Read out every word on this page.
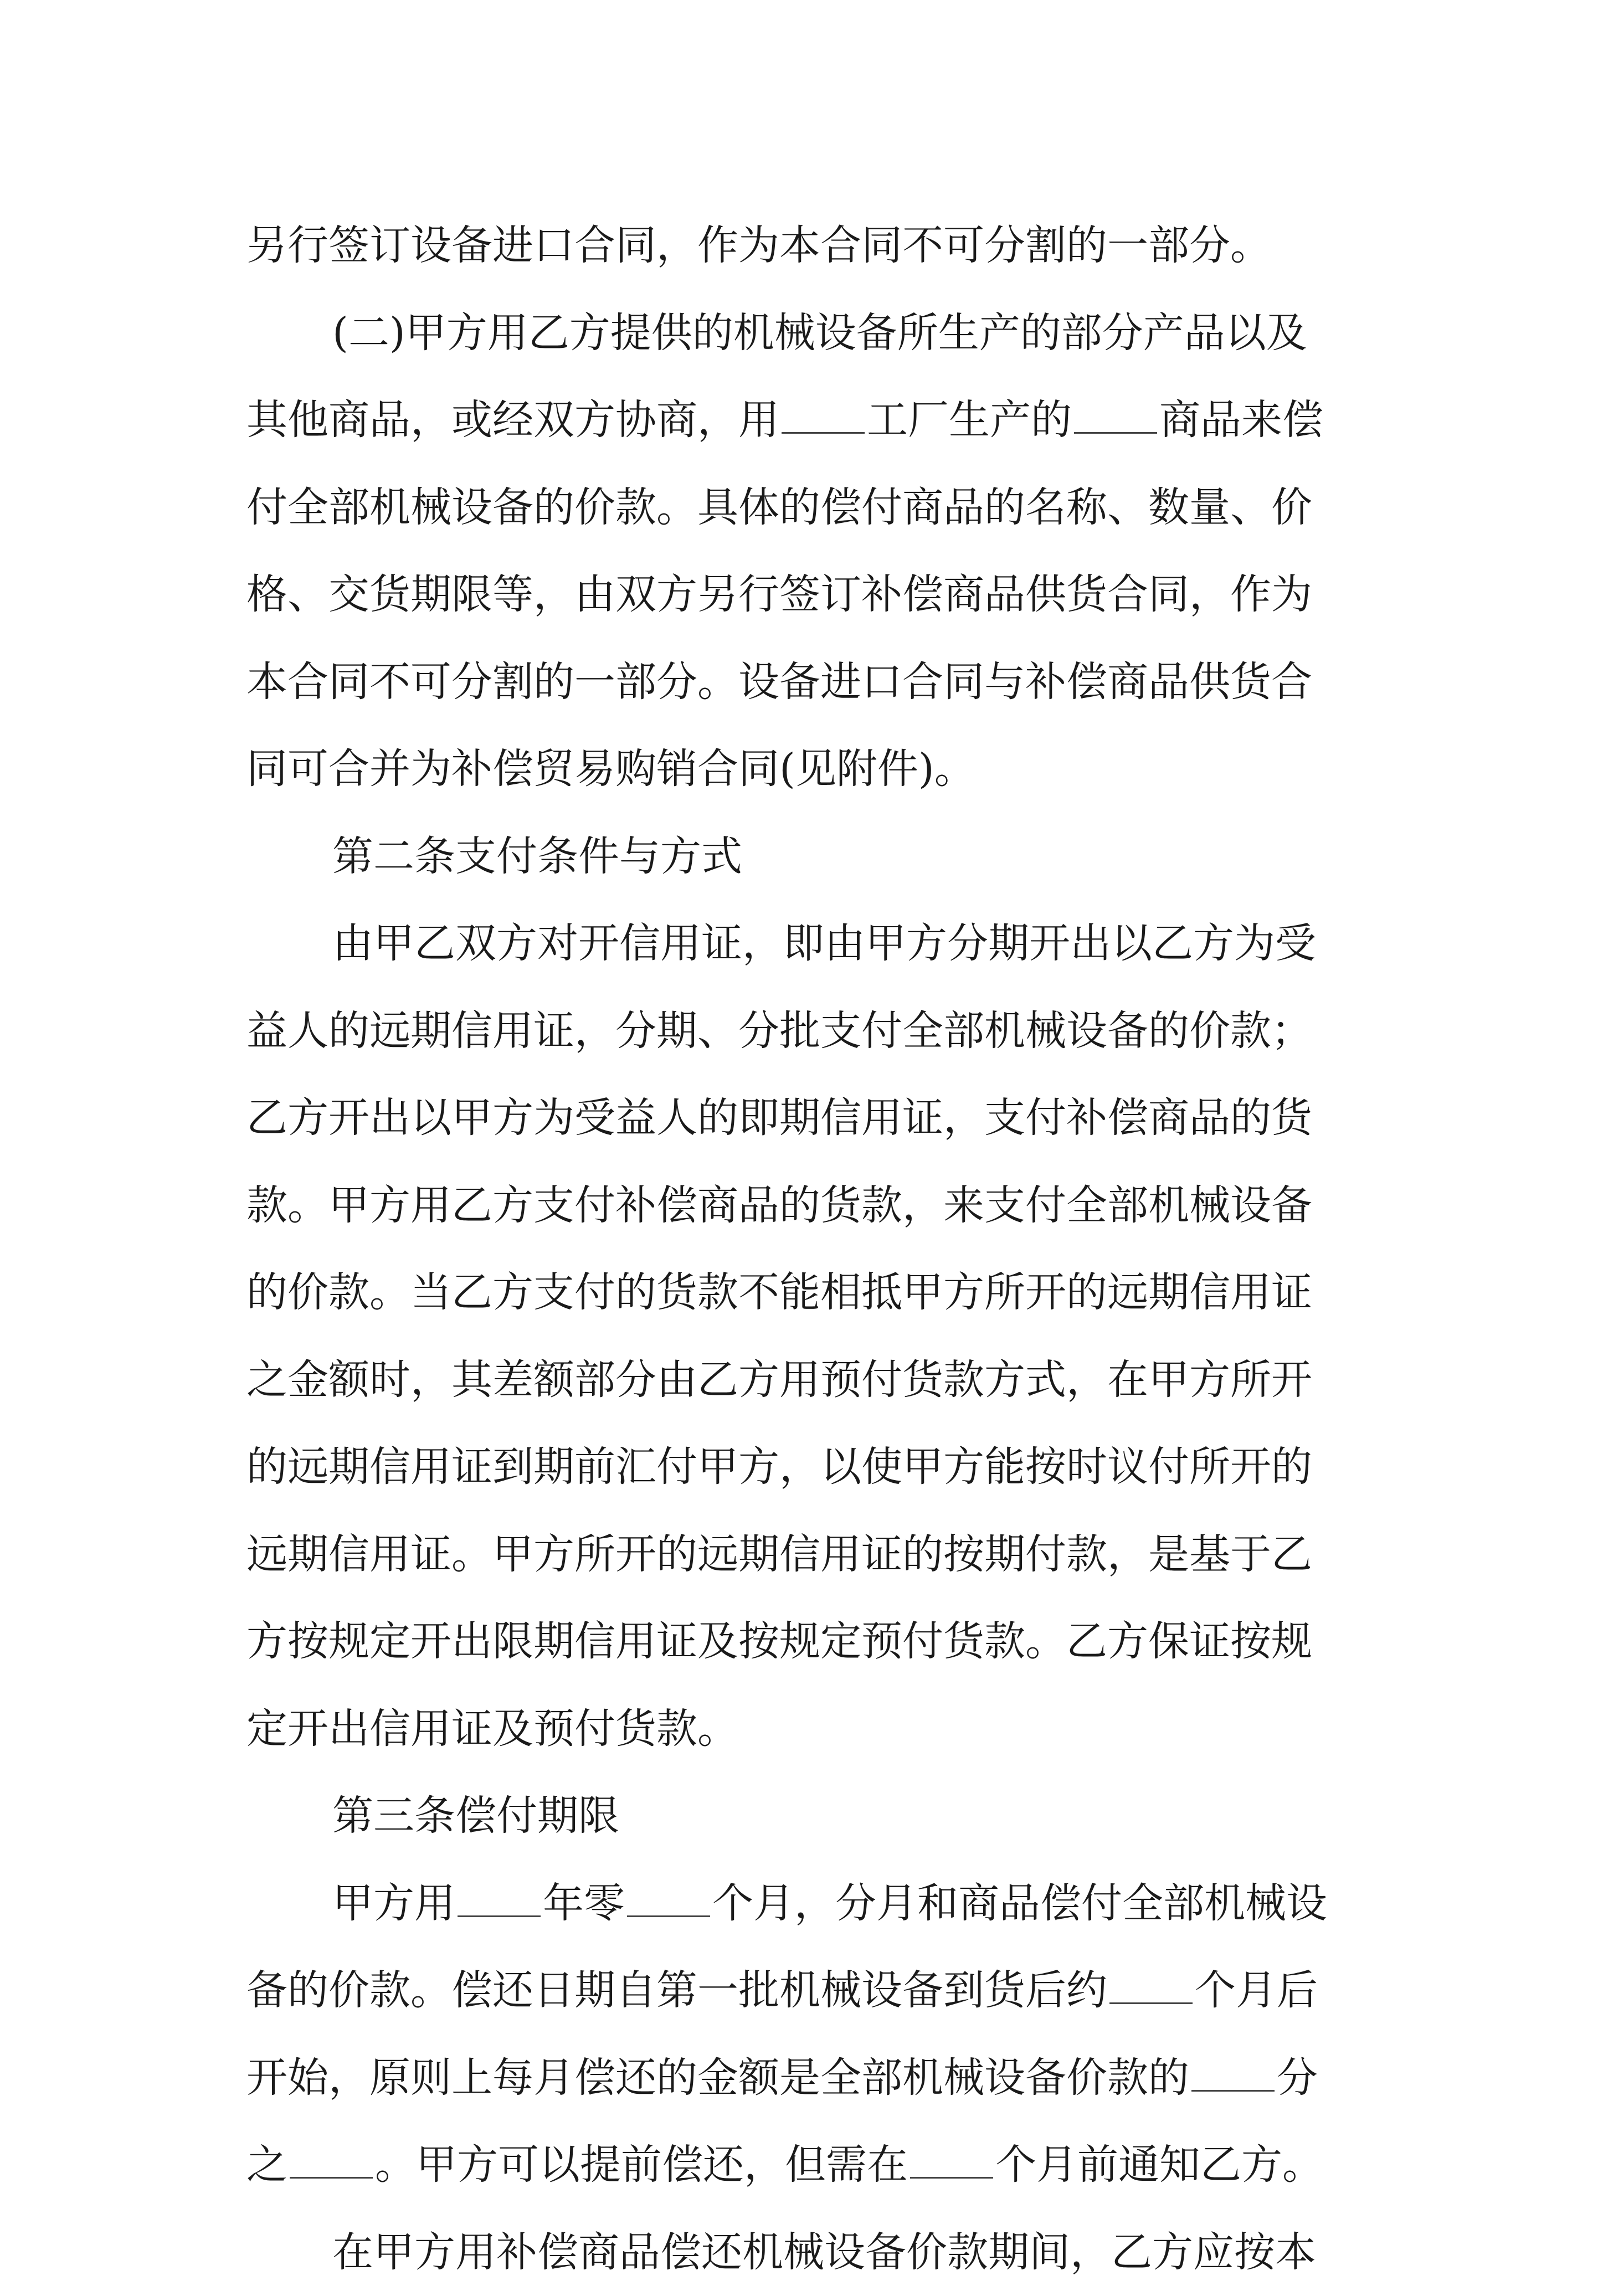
另行签订设备进口合同，作为本合同不可分割的一部分。
(二)甲方用乙方提供的机械设备所生产的部分产品以及
其他商品，或经双方协商，用 工厂生产的 商品来偿
付全部机械设备的价款。具体的偿付商品的名称、数量、价
格、交货期限等，由双方另行签订补偿商品供货合同，作为
本合同不可分割的一部分。设备进口合同与补偿商品供货合
同可合并为补偿贸易购销合同(见附件)。
第二条支付条件与方式
由甲乙双方对开信用证，即由甲方分期开出以乙方为受
益人的远期信用证，分期、分批支付全部机械设备的价款；
乙方开出以甲方为受益人的即期信用证，支付补偿商品的货
款。甲方用乙方支付补偿商品的货款，来支付全部机械设备
的价款。当乙方支付的货款不能相抵甲方所开的远期信用证
之金额时，其差额部分由乙方用预付货款方式，在甲方所开
的远期信用证到期前汇付甲方，以使甲方能按时议付所开的
远期信用证。甲方所开的远期信用证的按期付款，是基于乙
方按规定开出限期信用证及按规定预付货款。乙方保证按规
定开出信用证及预付货款。
第三条偿付期限
甲方用 年零 个月，分月和商品偿付全部机械设
备的价款。偿还日期自第一批机械设备到货后约 个月后
开始，原则上每月偿还的金额是全部机械设备价款的 分
之 。甲方可以提前偿还，但需在 个月前通知乙方。
在甲方用补偿商品偿还机械设备价款期间，乙方应按本
